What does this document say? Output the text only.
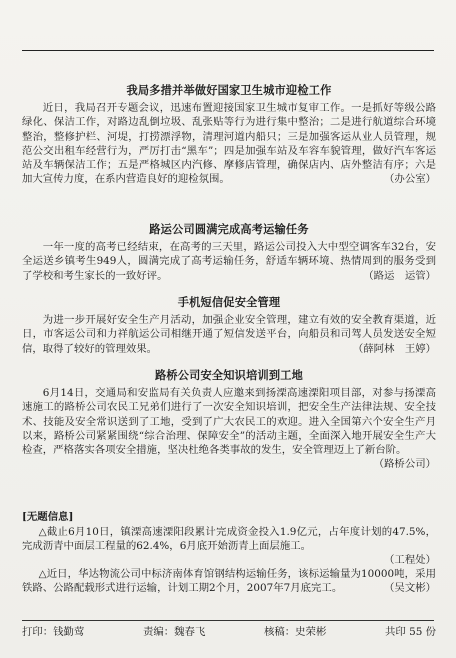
我局多措并举做好国家卫生城市迎检工作

近日，我局召开专题会议，迅速布置迎接国家卫生城市复审工作。一是抓好等级公路绿化、保洁工作，对路边乱倒垃圾、乱张贴等行为进行集中整治；二是进行航道综合环境整治，整修护栏、河堤，打捞漂浮物，清理河道内船只；三是加强客运从业人员管理，规范公交出租车经营行为，严厉打击“黑车”；四是加强车站及车容车貌管理，做好汽车客运站及车辆保洁工作；五是严格城区内汽修、摩修店管理，确保店内、店外整洁有序；六是加大宣传力度，在系内营造良好的迎检氛围。	（办公室）

路运公司圆满完成高考运输任务

一年一度的高考已经结束，在高考的三天里，路运公司投入大中型空调客车32台，安全运送乡镇考生949人，圆满完成了高考运输任务，舒适车辆环境、热情周到的服务受到了学校和考生家长的一致好评。	（路运　运管）

手机短信促安全管理

为进一步开展好安全生产月活动，加强企业安全管理，建立有效的安全教育渠道，近日，市客运公司和力祥航运公司相继开通了短信发送平台，向船员和司驾人员发送安全短信，取得了较好的管理效果。	（薛阿林　王婷）

路桥公司安全知识培训到工地

6月14日，交通局和安监局有关负责人应邀来到扬溧高速溧阳项目部，对参与扬溧高速施工的路桥公司农民工兄弟们进行了一次安全知识培训，把安全生产法律法规、安全技术、技能及安全常识送到了工地，受到了广大农民工的欢迎。进入全国第六个安全生产月以来，路桥公司紧紧围绕“综合治理、保障安全”的活动主题，全面深入地开展安全生产大检查，严格落实各项安全措施，坚决杜绝各类事故的发生，安全管理迈上了新台阶。
（路桥公司）

[无题信息]

△截止6月10日，镇溧高速溧阳段累计完成资金投入1.9亿元，占年度计划的47.5%，完成沥青中面层工程量的62.4%，6月底开始沥青上面层施工。

（工程处）

△近日，华达物流公司中标济南体育馆钢结构运输任务，该标运输量为10000吨，采用铁路、公路配载形式进行运输，计划工期2个月，2007年7月底完工。	（吴文彬）

打印：钱勤莺	责编：魏春飞	核稿：史荣彬	共印 55 份
